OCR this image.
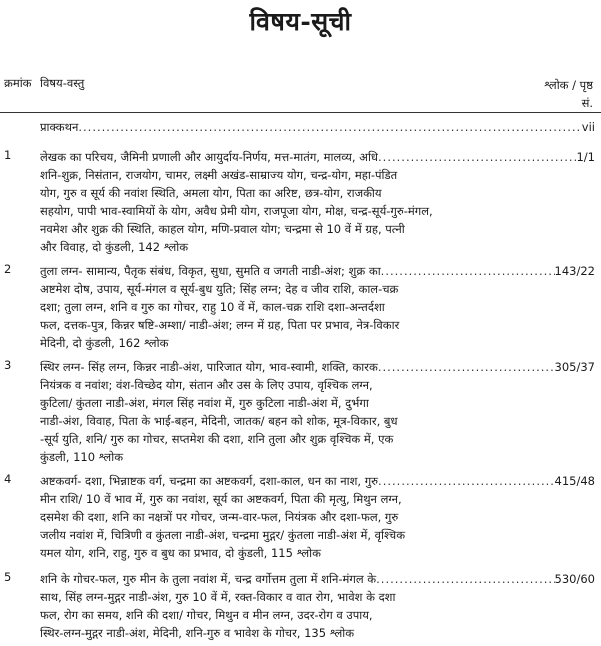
विषय-सूची
क्रमांक विषय-वस्तु	श्लोक / पृष्ठ
सं.
प्राक्कथन .....	vii
1 लेखक का परिचय, जैमिनी प्रणाली और आयुर्दाय-निर्णय, मत्त-मातंग, मालव्य, अधि .....	1/1
शनि-शुक्र, निसंतान, राजयोग, चामर, लक्ष्मी अखंड-साम्राज्य योग, चन्द्र-योग, महा-पंडित
योग, गुरु व सूर्य की नवांश स्थिति, अमला योग, पिता का अरिष्ट, छत्र-योग, राजकीय
सहयोग, पापी भाव-स्वामियों के योग, अवैध प्रेमी योग, राजपूजा योग, मोक्ष, चन्द्र-सूर्य-गुरु-मंगल,
नवमेश और शुक्र की स्थिति, काहल योग, मणि-प्रवाल योग; चन्द्रमा से 10 वें में ग्रह, पत्नी
और विवाह, दो कुंडली, 142 श्लोक
2 तुला लग्न- सामान्य, पैतृक संबंध, विकृत, सुधा, सुमति व जगती नाडी-अंश; शुक्र का .....	143/22
अष्टमेश दोष, उपाय, सूर्य-मंगल व सूर्य-बुध युति; सिंह लग्न; देह व जीव राशि, काल-चक्र
दशा; तुला लग्न, शनि व गुरु का गोचर, राहु 10 वें में, काल-चक्र राशि दशा-अन्तर्दशा
फल, दत्तक-पुत्र, किन्नर षष्टि-अम्शा/ नाडी-अंश; लग्न में ग्रह, पिता पर प्रभाव, नेत्र-विकार
मेदिनी, दो कुंडली, 162 श्लोक
3 स्थिर लग्न- सिंह लग्न, किन्नर नाडी-अंश, पारिजात योग, भाव-स्वामी, शक्ति, कारक .....	305/37
नियंत्रक व नवांश; वंश-विच्छेद योग, संतान और उस के लिए उपाय, वृश्चिक लग्न,
कुटिला/ कुंतला नाडी-अंश, मंगल सिंह नवांश में, गुरु कुटिला नाडी-अंश में, दुर्भगा
नाडी-अंश, विवाह, पिता के भाई-बहन, मेदिनी, जातक/ बहन को शोक, मूत्र-विकार, बुध
-सूर्य युति, शनि/ गुरु का गोचर, सप्तमेश की दशा, शनि तुला और शुक्र वृश्चिक में, एक
कुंडली, 110 श्लोक
4 अष्टकवर्ग- दशा, भिन्नाष्टक वर्ग, चन्द्रमा का अष्टकवर्ग, दशा-काल, धन का नाश, गुरु .....	415/48
मीन राशि/ 10 वें भाव में, गुरु का नवांश, सूर्य का अष्टकवर्ग, पिता की मृत्यु, मिथुन लग्न,
दसमेश की दशा, शनि का नक्षत्रों पर गोचर, जन्म-वार-फल, नियंत्रक और दशा-फल, गुरु
जलीय नवांश में, चित्रिणी व कुंतला नाडी-अंश, चन्द्रमा मुद्गर/ कुंतला नाडी-अंश में, वृश्चिक
यमल योग, शनि, राहु, गुरु व बुध का प्रभाव, दो कुंडली, 115 श्लोक
5 शनि के गोचर-फल, गुरु मीन के तुला नवांश में, चन्द्र वर्गोत्तम तुला में शनि-मंगल के .....	530/60
साथ, सिंह लग्न-मुद्गर नाडी-अंश, गुरु 10 वें में, रक्त-विकार व वात रोग, भावेश के दशा
फल, रोग का समय, शनि की दशा/ गोचर, मिथुन व मीन लग्न, उदर-रोग व उपाय,
स्थिर-लग्न-मुद्गर नाडी-अंश, मेदिनी, शनि-गुरु व भावेश के गोचर, 135 श्लोक
